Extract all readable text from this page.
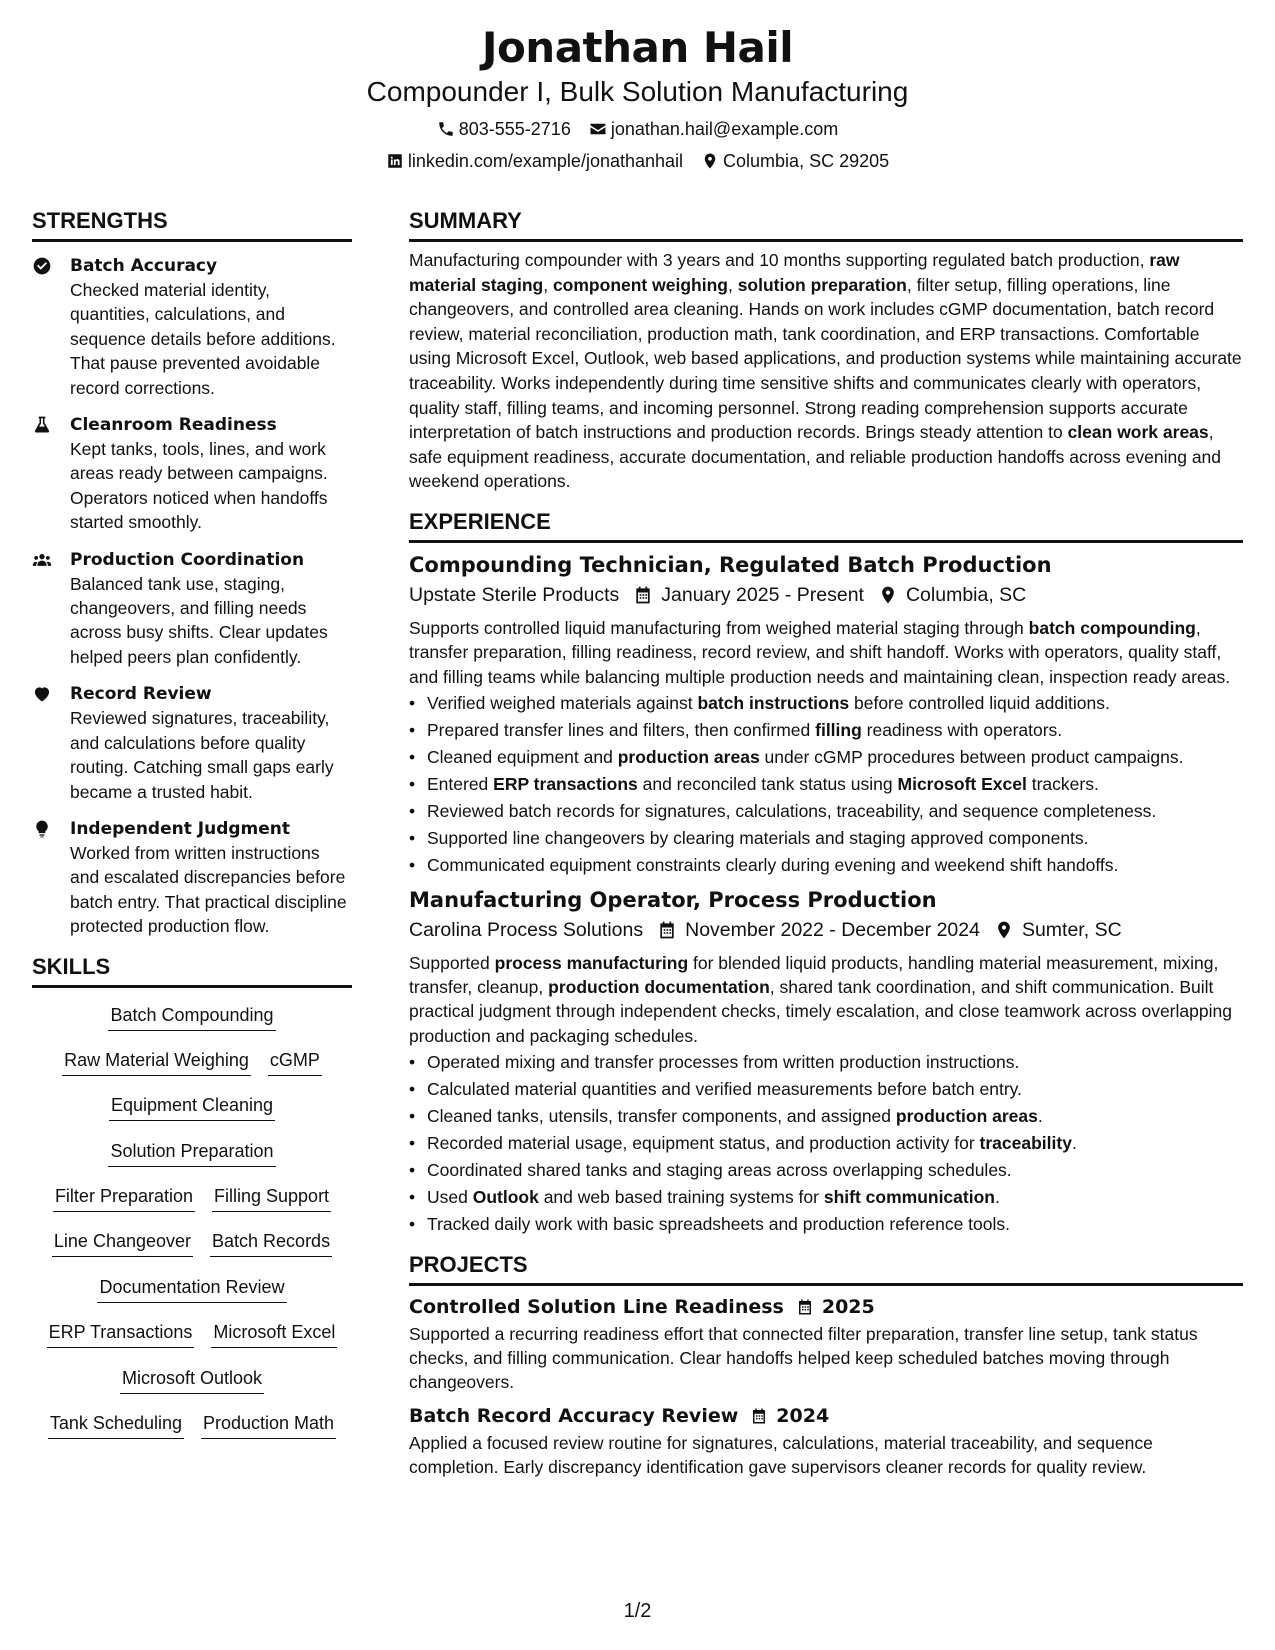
Jonathan Hail
Compounder I, Bulk Solution Manufacturing
803-555-2716 jonathan.hail@example.com
linkedin.com/example/jonathanhail Columbia, SC 29205
STRENGTHS
Batch Accuracy
Checked material identity, quantities, calculations, and sequence details before additions. That pause prevented avoidable record corrections.
Cleanroom Readiness
Kept tanks, tools, lines, and work areas ready between campaigns. Operators noticed when handoffs started smoothly.
Production Coordination
Balanced tank use, staging, changeovers, and filling needs across busy shifts. Clear updates helped peers plan confidently.
Record Review
Reviewed signatures, traceability, and calculations before quality routing. Catching small gaps early became a trusted habit.
Independent Judgment
Worked from written instructions and escalated discrepancies before batch entry. That practical discipline protected production flow.
SKILLS
Batch Compounding
Raw Material Weighing cGMP
Equipment Cleaning
Solution Preparation
Filter Preparation Filling Support
Line Changeover Batch Records
Documentation Review
ERP Transactions Microsoft Excel
Microsoft Outlook
Tank Scheduling Production Math
SUMMARY
Manufacturing compounder with 3 years and 10 months supporting regulated batch production, raw material staging, component weighing, solution preparation, filter setup, filling operations, line changeovers, and controlled area cleaning. Hands on work includes cGMP documentation, batch record review, material reconciliation, production math, tank coordination, and ERP transactions. Comfortable using Microsoft Excel, Outlook, web based applications, and production systems while maintaining accurate traceability. Works independently during time sensitive shifts and communicates clearly with operators, quality staff, filling teams, and incoming personnel. Strong reading comprehension supports accurate interpretation of batch instructions and production records. Brings steady attention to clean work areas, safe equipment readiness, accurate documentation, and reliable production handoffs across evening and weekend operations.
EXPERIENCE
Compounding Technician, Regulated Batch Production
Upstate Sterile Products January 2025 - Present Columbia, SC
Supports controlled liquid manufacturing from weighed material staging through batch compounding, transfer preparation, filling readiness, record review, and shift handoff. Works with operators, quality staff, and filling teams while balancing multiple production needs and maintaining clean, inspection ready areas.
• Verified weighed materials against batch instructions before controlled liquid additions.
• Prepared transfer lines and filters, then confirmed filling readiness with operators.
• Cleaned equipment and production areas under cGMP procedures between product campaigns.
• Entered ERP transactions and reconciled tank status using Microsoft Excel trackers.
• Reviewed batch records for signatures, calculations, traceability, and sequence completeness.
• Supported line changeovers by clearing materials and staging approved components.
• Communicated equipment constraints clearly during evening and weekend shift handoffs.
Manufacturing Operator, Process Production
Carolina Process Solutions November 2022 - December 2024 Sumter, SC
Supported process manufacturing for blended liquid products, handling material measurement, mixing, transfer, cleanup, production documentation, shared tank coordination, and shift communication. Built practical judgment through independent checks, timely escalation, and close teamwork across overlapping production and packaging schedules.
• Operated mixing and transfer processes from written production instructions.
• Calculated material quantities and verified measurements before batch entry.
• Cleaned tanks, utensils, transfer components, and assigned production areas.
• Recorded material usage, equipment status, and production activity for traceability.
• Coordinated shared tanks and staging areas across overlapping schedules.
• Used Outlook and web based training systems for shift communication.
• Tracked daily work with basic spreadsheets and production reference tools.
PROJECTS
Controlled Solution Line Readiness 2025
Supported a recurring readiness effort that connected filter preparation, transfer line setup, tank status checks, and filling communication. Clear handoffs helped keep scheduled batches moving through changeovers.
Batch Record Accuracy Review 2024
Applied a focused review routine for signatures, calculations, material traceability, and sequence completion. Early discrepancy identification gave supervisors cleaner records for quality review.
1/2
